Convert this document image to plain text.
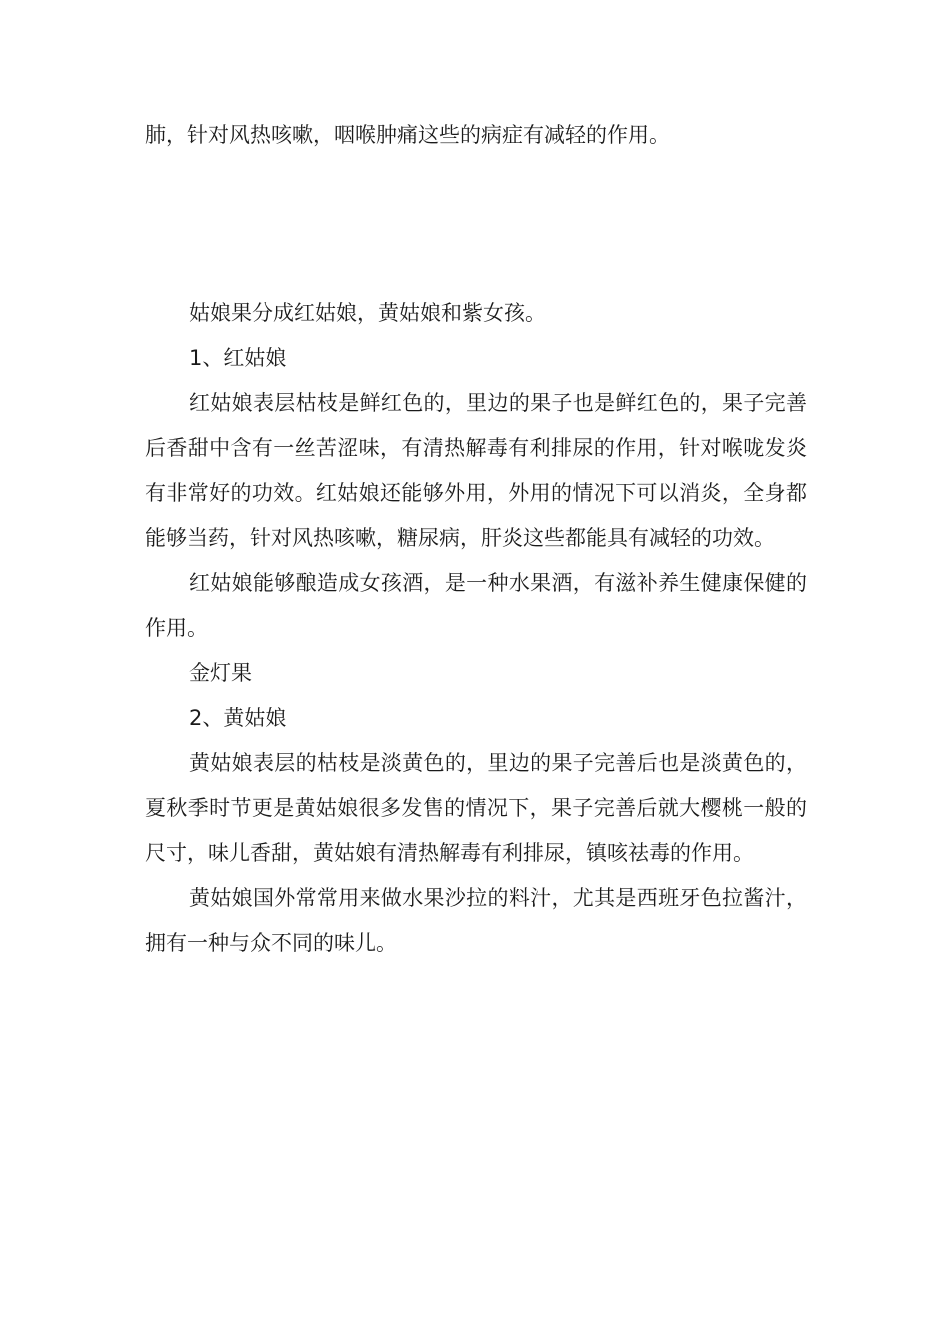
肺，针对风热咳嗽，咽喉肿痛这些的病症有减轻的作用。

姑娘果分成红姑娘，黄姑娘和紫女孩。

1、红姑娘

红姑娘表层枯枝是鲜红色的，里边的果子也是鲜红色的，果子完善后香甜中含有一丝苦涩味，有清热解毒有利排尿的作用，针对喉咙发炎有非常好的功效。红姑娘还能够外用，外用的情况下可以消炎，全身都能够当药，针对风热咳嗽，糖尿病，肝炎这些都能具有减轻的功效。

红姑娘能够酿造成女孩酒，是一种水果酒，有滋补养生健康保健的作用。

金灯果

2、黄姑娘

黄姑娘表层的枯枝是淡黄色的，里边的果子完善后也是淡黄色的，夏秋季时节更是黄姑娘很多发售的情况下，果子完善后就大樱桃一般的尺寸，味儿香甜，黄姑娘有清热解毒有利排尿，镇咳祛毒的作用。

黄姑娘国外常常用来做水果沙拉的料汁，尤其是西班牙色拉酱汁，拥有一种与众不同的味儿。
